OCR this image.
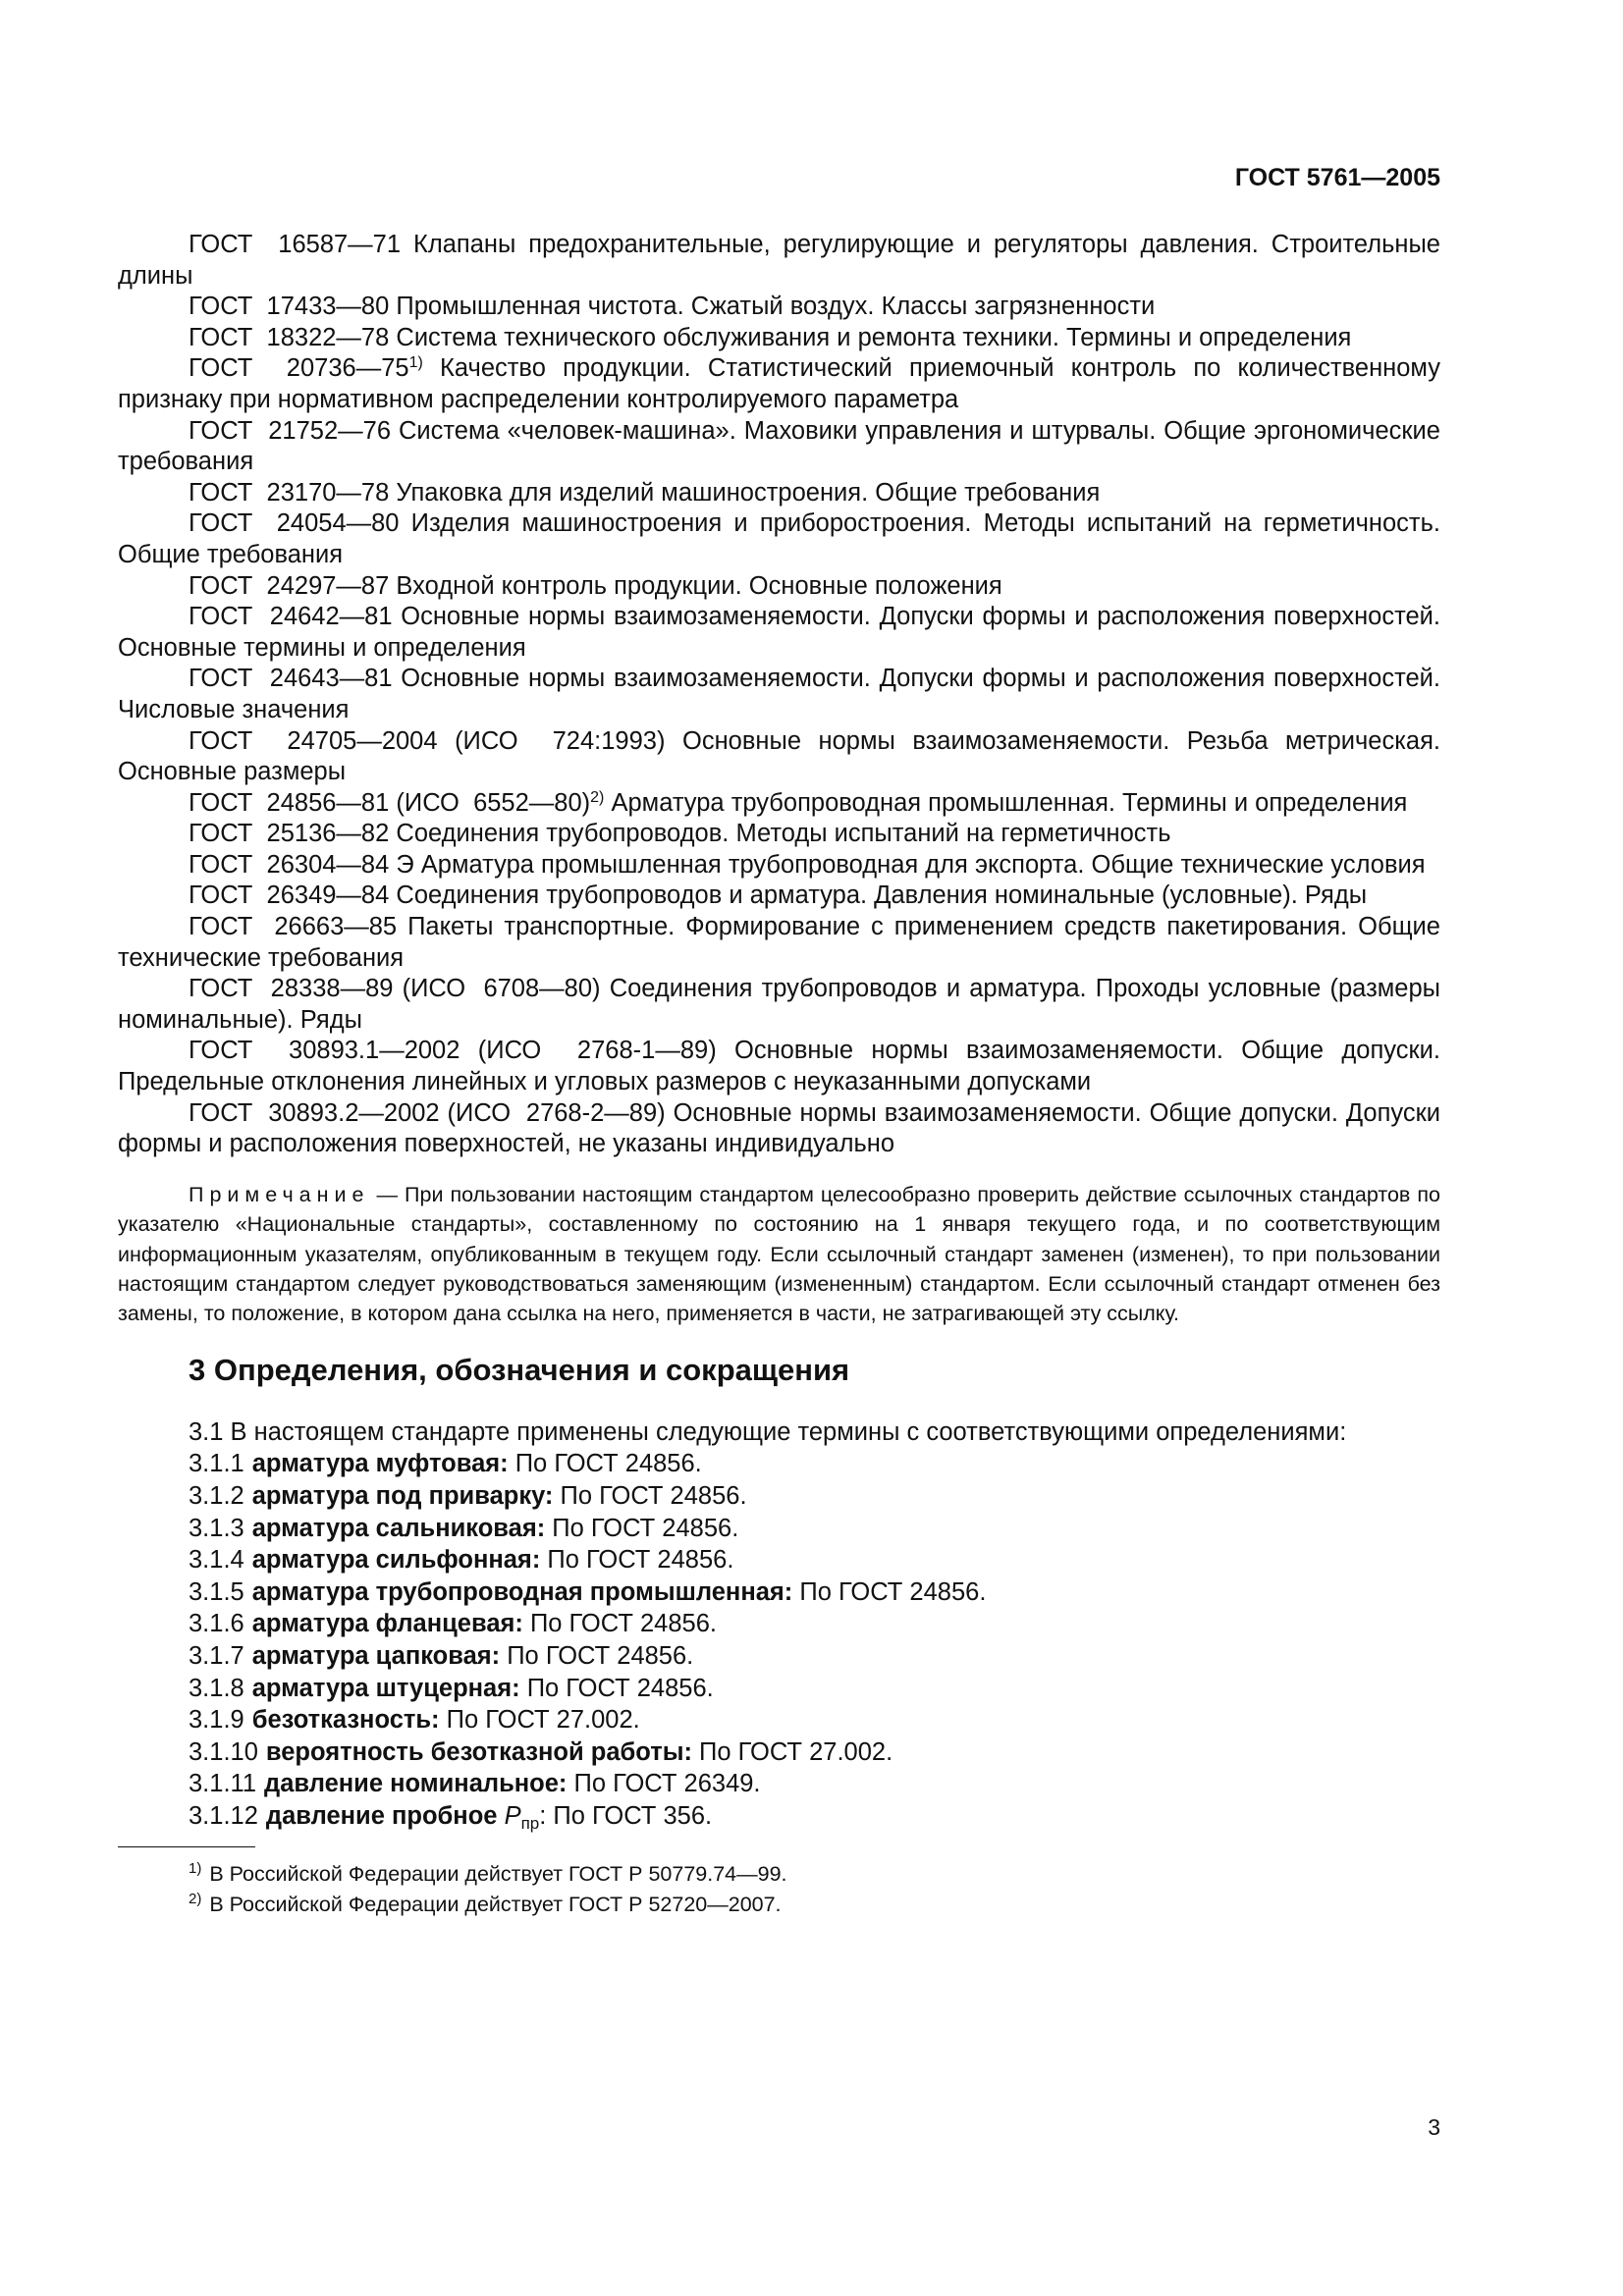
ГОСТ 5761—2005

ГОСТ  16587—71 Клапаны предохранительные, регулирующие и регуляторы давления. Строительные длины

ГОСТ  17433—80 Промышленная чистота. Сжатый воздух. Классы загрязненности

ГОСТ  18322—78 Система технического обслуживания и ремонта техники. Термины и определения

ГОСТ  20736—75$^{1)}$ Качество продукции. Статистический приемочный контроль по количественному признаку при нормативном распределении контролируемого параметра

ГОСТ  21752—76 Система «человек-машина». Маховики управления и штурвалы. Общие эргономические требования

ГОСТ  23170—78 Упаковка для изделий машиностроения. Общие требования

ГОСТ  24054—80 Изделия машиностроения и приборостроения. Методы испытаний на герметичность. Общие требования

ГОСТ  24297—87 Входной контроль продукции. Основные положения

ГОСТ  24642—81 Основные нормы взаимозаменяемости. Допуски формы и расположения поверхностей. Основные термины и определения

ГОСТ  24643—81 Основные нормы взаимозаменяемости. Допуски формы и расположения поверхностей. Числовые значения

ГОСТ  24705—2004 (ИСО  724:1993) Основные нормы взаимозаменяемости. Резьба метрическая. Основные размеры

ГОСТ  24856—81 (ИСО  6552—80)$^{2)}$ Арматура трубопроводная промышленная. Термины и определения

ГОСТ  25136—82 Соединения трубопроводов. Методы испытаний на герметичность

ГОСТ  26304—84 Э Арматура промышленная трубопроводная для экспорта. Общие технические условия

ГОСТ  26349—84 Соединения трубопроводов и арматура. Давления номинальные (условные). Ряды

ГОСТ  26663—85 Пакеты транспортные. Формирование с применением средств пакетирования. Общие технические требования

ГОСТ  28338—89 (ИСО  6708—80) Соединения трубопроводов и арматура. Проходы условные (размеры номинальные). Ряды

ГОСТ  30893.1—2002 (ИСО  2768-1—89) Основные нормы взаимозаменяемости. Общие допуски. Предельные отклонения линейных и угловых размеров с неуказанными допусками

ГОСТ  30893.2—2002 (ИСО  2768-2—89) Основные нормы взаимозаменяемости. Общие допуски. Допуски формы и расположения поверхностей, не указаны индивидуально

Примечание — При пользовании настоящим стандартом целесообразно проверить действие ссылочных стандартов по указателю «Национальные стандарты», составленному по состоянию на 1 января текущего года, и по соответствующим информационным указателям, опубликованным в текущем году. Если ссылочный стандарт заменен (изменен), то при пользовании настоящим стандартом следует руководствоваться заменяющим (измененным) стандартом. Если ссылочный стандарт отменен без замены, то положение, в котором дана ссылка на него, применяется в части, не затрагивающей эту ссылку.

3 Определения, обозначения и сокращения

3.1 В настоящем стандарте применены следующие термины с соответствующими определениями:

3.1.1 арматура муфтовая: По ГОСТ 24856.

3.1.2 арматура под приварку: По ГОСТ 24856.

3.1.3 арматура сальниковая: По ГОСТ 24856.

3.1.4 арматура сильфонная: По ГОСТ 24856.

3.1.5 арматура трубопроводная промышленная: По ГОСТ 24856.

3.1.6 арматура фланцевая: По ГОСТ 24856.

3.1.7 арматура цапковая: По ГОСТ 24856.

3.1.8 арматура штуцерная: По ГОСТ 24856.

3.1.9 безотказность: По ГОСТ 27.002.

3.1.10 вероятность безотказной работы: По ГОСТ 27.002.

3.1.11 давление номинальное: По ГОСТ 26349.

3.1.12 давление пробное $P_{пр}$: По ГОСТ 356.

$^{1)}$ В Российской Федерации действует ГОСТ Р 50779.74—99.

$^{2)}$ В Российской Федерации действует ГОСТ Р 52720—2007.

3
